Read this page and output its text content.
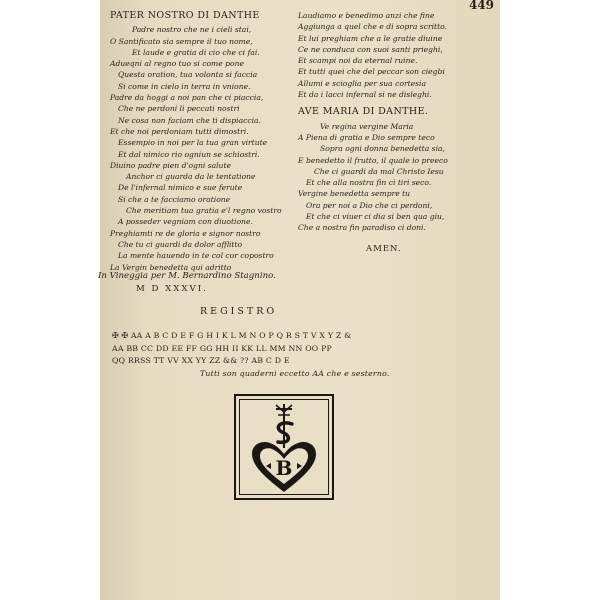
449
PATER NOSTRO DI DANTHE
Padre nostro che ne i cieli stai,
O Santificato sia sempre il tuo nome,
Et laude e gratia di cio che ci fai.
Adueqni al regno tuo si come pone
Questa oration, tua volonta si faccia
Si come in cielo in terra in vnione.
Padre da hoggi a noi pan che ci piaccia,
Che ne perdoni li peccati nostri
Ne cosa non faciam che ti dispiaccia.
Et che noi perdoniam tutti dimostri.
Essempio in noi per la tua gran virtute
Et dal nimico rio ogniun se schiostri.
Diuino padre pien d'ogni salute
Anchor ci guarda da le tentatione
De l'infernal nimico e sue ferute
Si che a te facciamo oratione
Che meritiam tua gratia e'l regno vostro
A posseder vegniam con diuotione.
Preghiamti re de gloria e signor nostro
Che tu ci guardi da dolor afflitto
La mente hauendo in te col cor copostro
La Vergin benedetta qui adritto
Laudiamo e benedimo anzi che fine
Aggiunga a quel che e di sopra scritto.
Et lui preghiam che a le gratie diuine
Ce ne conduca con suoi santi prieghi,
Et scampi noi da eternal ruine.
Et tutti quei che del peccar son ciegbi
Allumi e scioglia per sua cortesia
Et da i lacci infernal si ne disleghi.
AVE MARIA DI DANTHE.
Ve regina vergine Maria
A Piena di gratia e Dio sempre teco
Sopra ogni donna benedetta sia,
E benedetto il frutto, il quale io preeco
Che ci guardi da mal Christo Iesu
Et che alla nostra fin ci tiri seco.
Vergine benedetta sempre tu
Ora per noi a Dio che ci perdoni,
Et che ci viuer ci dia si ben qua giu,
Che a nostra fin paradiso ci doni.
AMEN.
In Vineggia per M. Bernardino Stagnino.
M D XXXVI.
REGISTRO
✠ ✠ AA A B C D E F G H I K L M N O P Q R S T V X Y Z &
AA BB CC DD EE FF GG HH II KK LL MM NN OO PP
QQ RRSS TT VV XX YY ZZ && ?? AB C D E
Tutti son quaderni eccetto AA che e sesterno.
B
